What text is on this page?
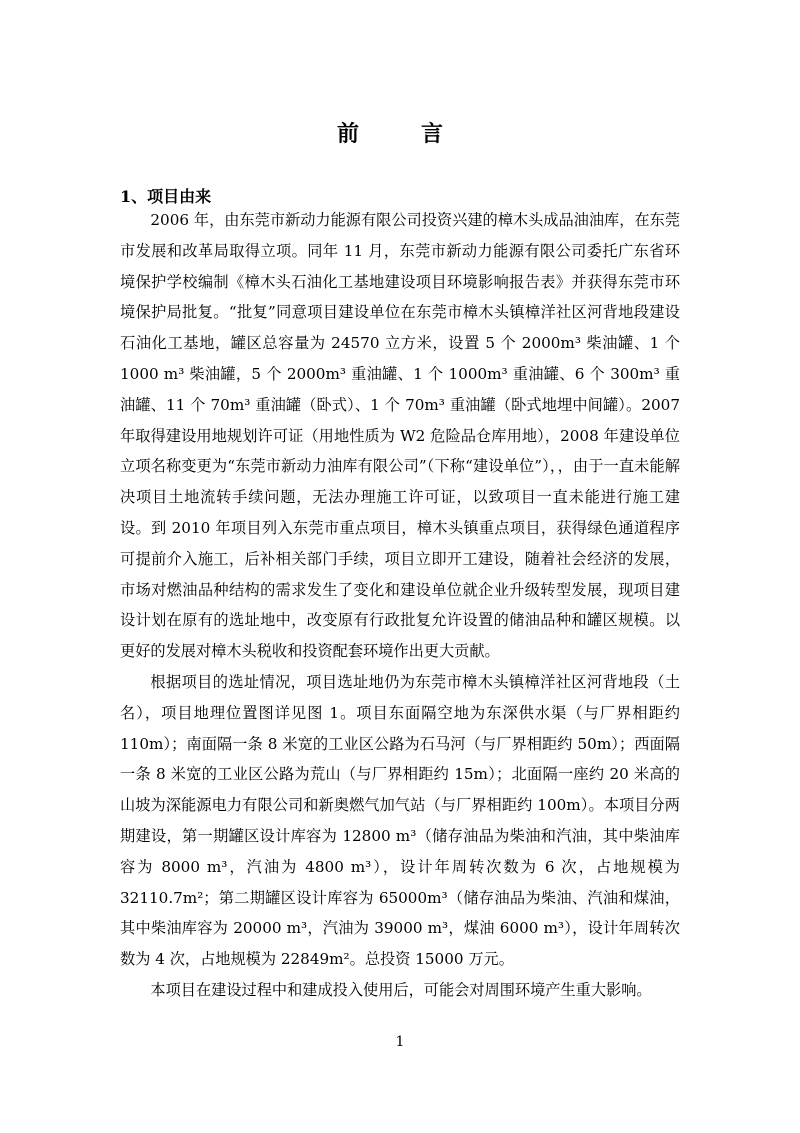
前　言
1、项目由来

2006 年，由东莞市新动力能源有限公司投资兴建的樟木头成品油油库，在东莞市发展和改革局取得立项。同年 11 月，东莞市新动力能源有限公司委托广东省环境保护学校编制《樟木头石油化工基地建设项目环境影响报告表》并获得东莞市环境保护局批复。“批复”同意项目建设单位在东莞市樟木头镇樟洋社区河背地段建设石油化工基地，罐区总容量为 24570 立方米，设置 5 个 2000m³ 柴油罐、1 个 1000 m³ 柴油罐，5 个 2000m³ 重油罐、1 个 1000m³ 重油罐、6 个 300m³ 重油罐、11 个 70m³ 重油罐（卧式）、1 个 70m³ 重油罐（卧式地埋中间罐）。2007 年取得建设用地规划许可证（用地性质为 W2 危险品仓库用地），2008 年建设单位立项名称变更为“东莞市新动力油库有限公司”（下称“建设单位”），，由于一直未能解决项目土地流转手续问题，无法办理施工许可证，以致项目一直未能进行施工建设。到 2010 年项目列入东莞市重点项目，樟木头镇重点项目，获得绿色通道程序可提前介入施工，后补相关部门手续，项目立即开工建设，随着社会经济的发展，市场对燃油品种结构的需求发生了变化和建设单位就企业升级转型发展，现项目建设计划在原有的选址地中，改变原有行政批复允许设置的储油品种和罐区规模。以更好的发展对樟木头税收和投资配套环境作出更大贡献。

根据项目的选址情况，项目选址地仍为东莞市樟木头镇樟洋社区河背地段（土名），项目地理位置图详见图 1。项目东面隔空地为东深供水渠（与厂界相距约 110m）；南面隔一条 8 米宽的工业区公路为石马河（与厂界相距约 50m）；西面隔一条 8 米宽的工业区公路为荒山（与厂界相距约 15m）；北面隔一座约 20 米高的山坡为深能源电力有限公司和新奥燃气加气站（与厂界相距约 100m）。本项目分两期建设，第一期罐区设计库容为 12800 m³（储存油品为柴油和汽油，其中柴油库容为 8000 m³，汽油为 4800 m³），设计年周转次数为 6 次，占地规模为 32110.7m²；第二期罐区设计库容为 65000m³（储存油品为柴油、汽油和煤油，其中柴油库容为 20000 m³，汽油为 39000 m³，煤油 6000 m³），设计年周转次数为 4 次，占地规模为 22849m²。总投资 15000 万元。

本项目在建设过程中和建成投入使用后，可能会对周围环境产生重大影响。

1
